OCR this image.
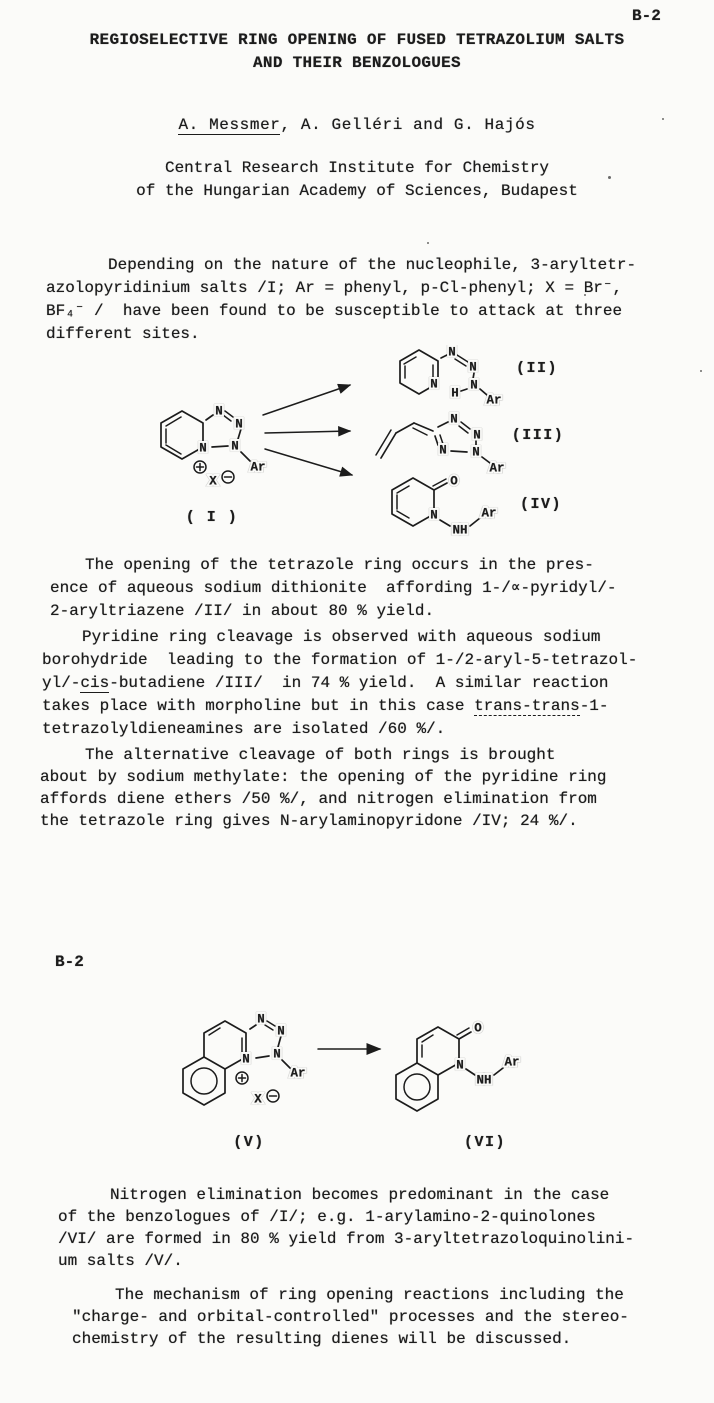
B-2
REGIOSELECTIVE RING OPENING OF FUSED TETRAZOLIUM SALTS
AND THEIR BENZOLOGUES
A. Messmer, A. Gelléri and G. Hajós
Central Research Institute for Chemistry
of the Hungarian Academy of Sciences, Budapest
Depending on the nature of the nucleophile, 3-aryltetr-
azolopyridinium salts /I; Ar = phenyl, p-Cl-phenyl; X = Br⁻,
BF₄⁻ /  have been found to be susceptible to attack at three
different sites.
N
N
N
N
Ar
X
( I )
N
N
N
N
H Ar
(II)
N
N
N
N
Ar
(III)
O
N
NH
Ar
(IV)
The opening of the tetrazole ring occurs in the pres-
ence of aqueous sodium dithionite  affording 1-/∝-pyridyl/-
2-aryltriazene /II/ in about 80 % yield.
Pyridine ring cleavage is observed with aqueous sodium
borohydride  leading to the formation of 1-/2-aryl-5-tetrazol-
yl/-cis-butadiene /III/  in 74 % yield.  A similar reaction
takes place with morpholine but in this case trans-trans-1-
tetrazolyldieneamines are isolated /60 %/.
The alternative cleavage of both rings is brought
about by sodium methylate: the opening of the pyridine ring
affords diene ethers /50 %/, and nitrogen elimination from
the tetrazole ring gives N-arylaminopyridone /IV; 24 %/.
B-2
N
N
N
N
Ar
X
(V)
O
N
NH
Ar
(VI)
Nitrogen elimination becomes predominant in the case
of the benzologues of /I/; e.g. 1-arylamino-2-quinolones
/VI/ are formed in 80 % yield from 3-aryltetrazoloquinolini-
um salts /V/.
The mechanism of ring opening reactions including the
"charge- and orbital-controlled" processes and the stereo-
chemistry of the resulting dienes will be discussed.
